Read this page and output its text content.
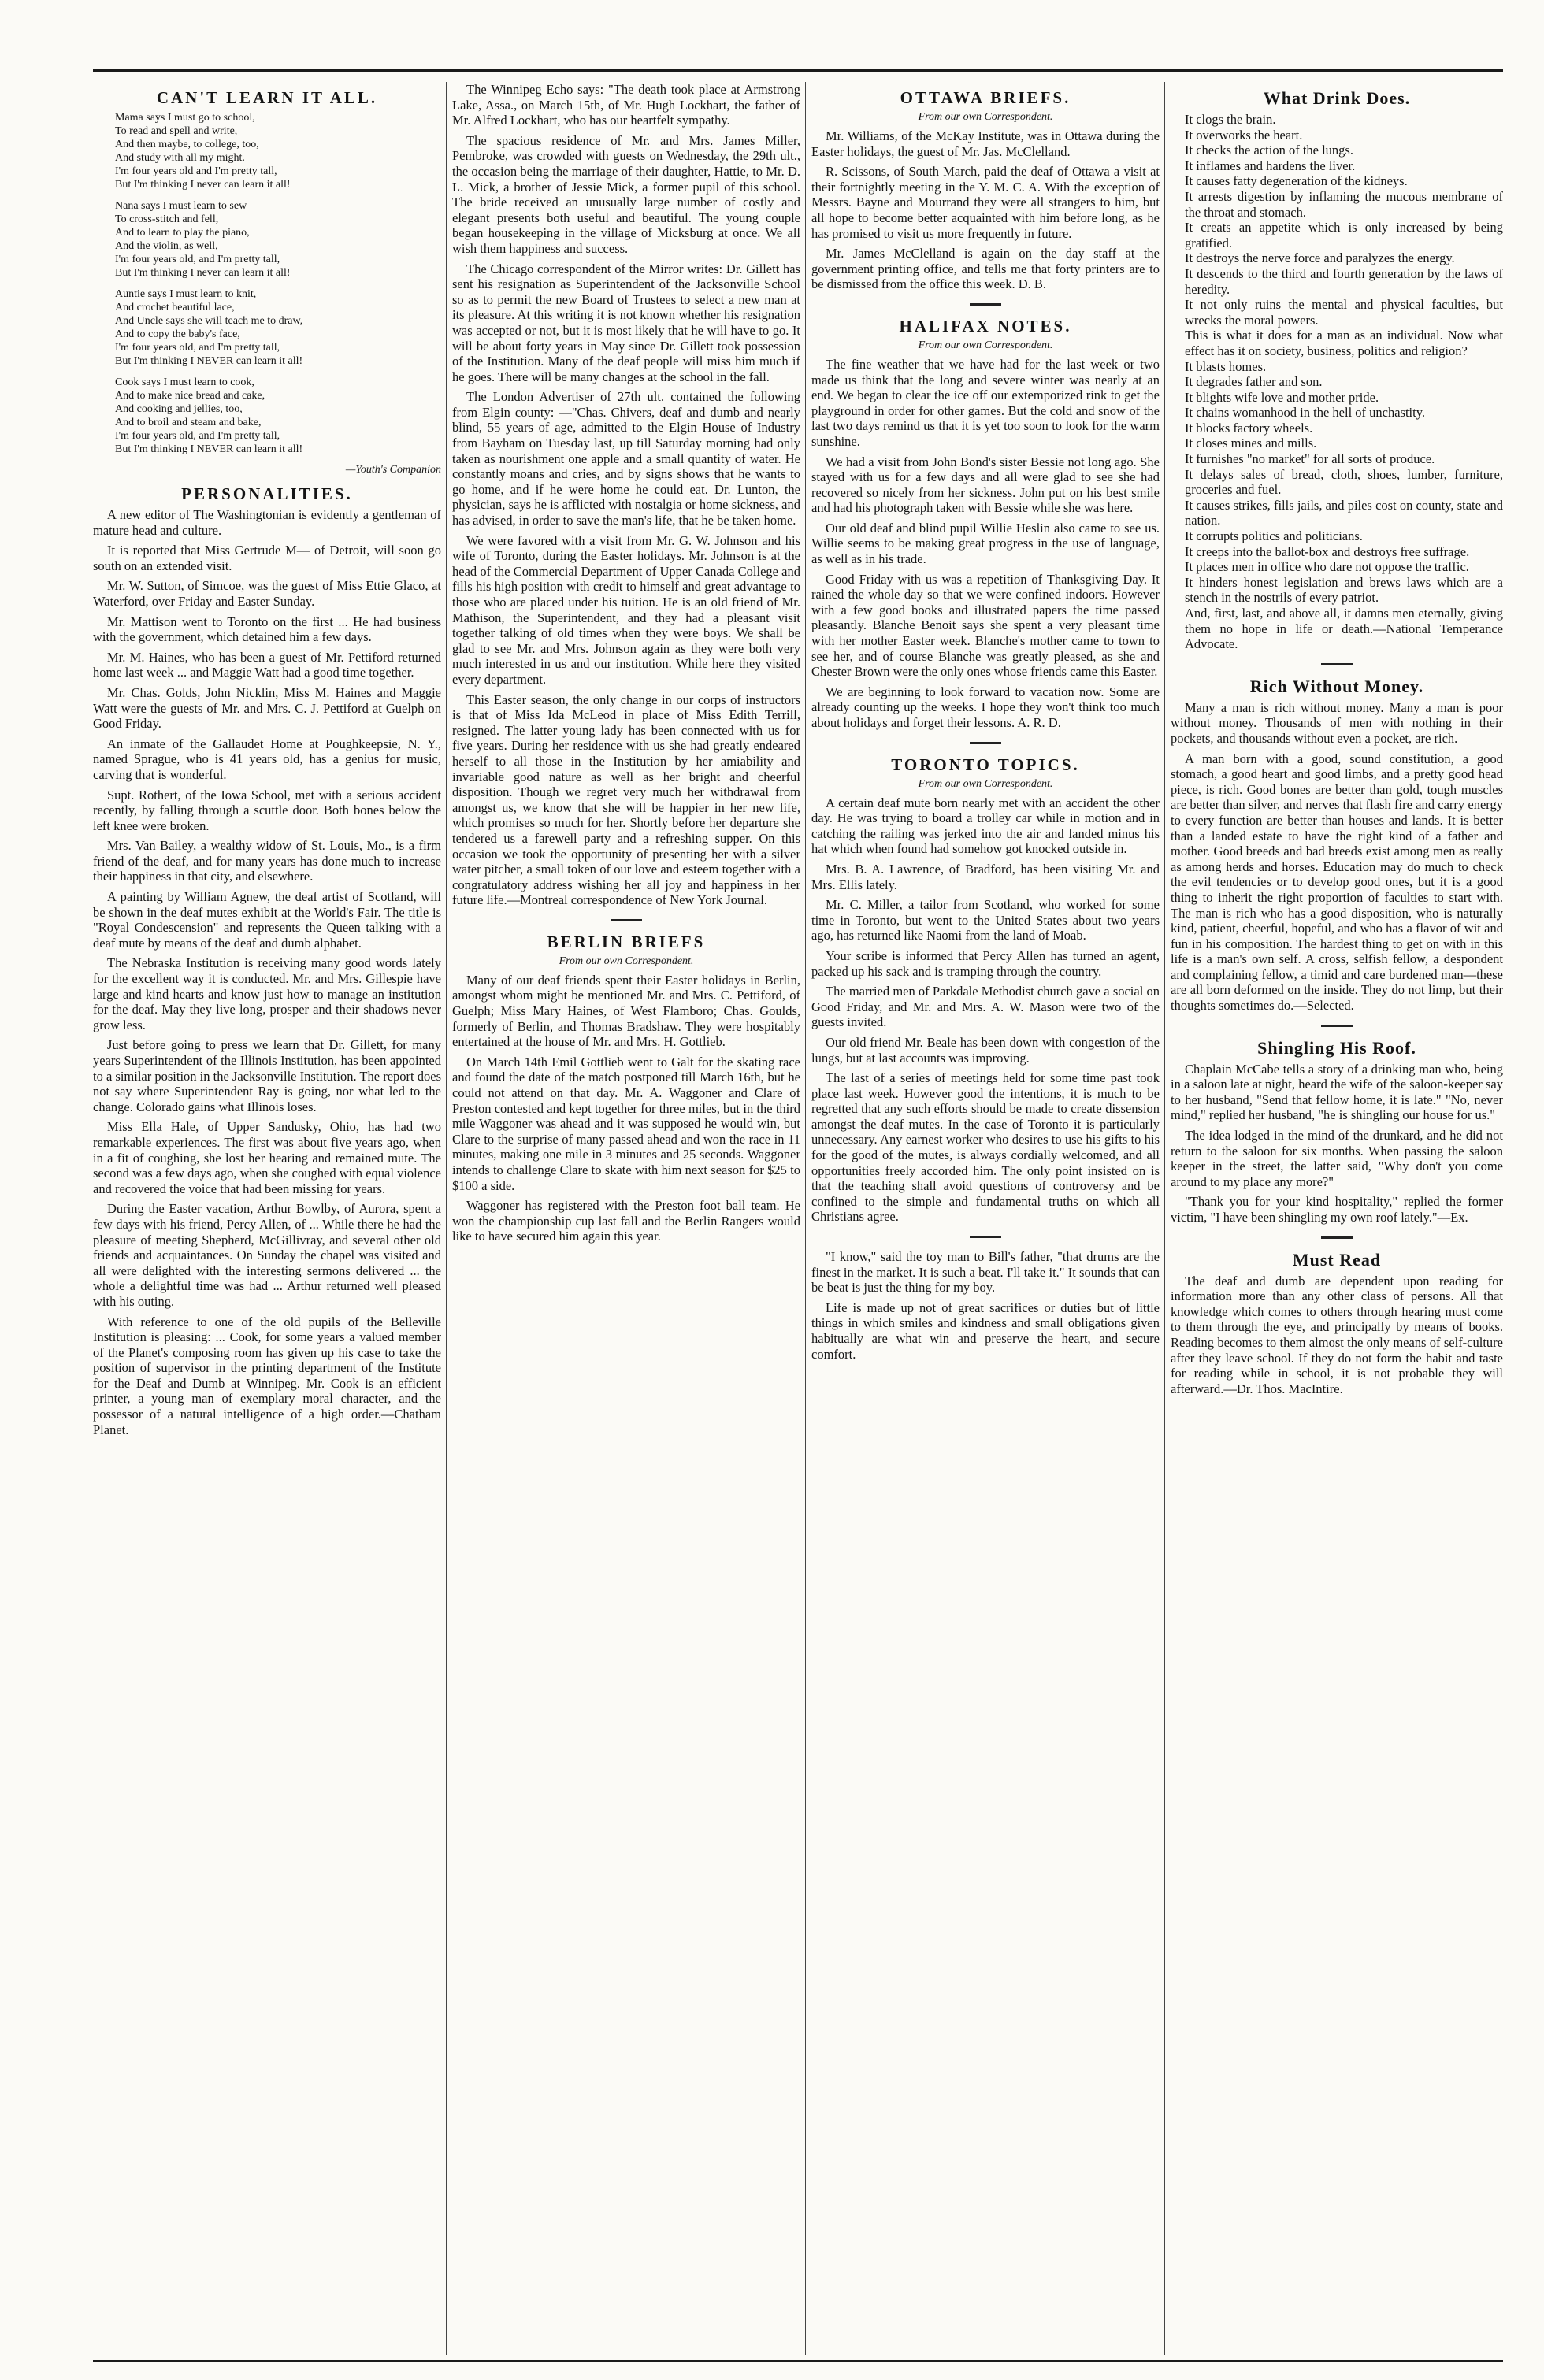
CAN'T LEARN IT ALL.

Mama says I must go to school,

To read and spell and write,

And then maybe, to college, too,

And study with all my might.

I'm four years old and I'm pretty tall,

But I'm thinking I never can learn it all!

Nana says I must learn to sew

To cross-stitch and fell,

And to learn to play the piano,

And the violin, as well,

I'm four years old, and I'm pretty tall,

But I'm thinking I never can learn it all!

Auntie says I must learn to knit,

And crochet beautiful lace,

And Uncle says she will teach me to draw,

And to copy the baby's face,

I'm four years old, and I'm pretty tall,

But I'm thinking I NEVER can learn it all!

Cook says I must learn to cook,

And to make nice bread and cake,

And cooking and jellies, too,

And to broil and steam and bake,

I'm four years old, and I'm pretty tall,

But I'm thinking I NEVER can learn it all!

—Youth's Companion
PERSONALITIES.

A new editor of The Washingtonian is evidently a gentleman of mature head and culture.

It is reported that Miss Gertrude M— of Detroit, will soon go south on an extended visit.

Mr. W. Sutton, of Simcoe, was the guest of Miss Ettie Glaco, at Waterford, over Friday and Easter Sunday.

Mr. Mattison went to Toronto on the first ... He had business with the government, which detained him a few days.

Mr. M. Haines, who has been a guest of Mr. Pettiford returned home last week ... and Maggie Watt had a good time together.

Mr. Chas. Golds, John Nicklin, Miss M. Haines and Maggie Watt were the guests of Mr. and Mrs. C. J. Pettiford at Guelph on Good Friday.

An inmate of the Gallaudet Home at Poughkeepsie, N. Y., named Sprague, who is 41 years old, has a genius for music, carving that is wonderful.

Supt. Rothert, of the Iowa School, met with a serious accident recently, by falling through a scuttle door. Both bones below the left knee were broken.

Mrs. Van Bailey, a wealthy widow of St. Louis, Mo., is a firm friend of the deaf, and for many years has done much to increase their happiness in that city, and elsewhere.

A painting by William Agnew, the deaf artist of Scotland, will be shown in the deaf mutes exhibit at the World's Fair. The title is "Royal Condescension" and represents the Queen talking with a deaf mute by means of the deaf and dumb alphabet.

The Nebraska Institution is receiving many good words lately for the excellent way it is conducted. Mr. and Mrs. Gillespie have large and kind hearts and know just how to manage an institution for the deaf. May they live long, prosper and their shadows never grow less.

Just before going to press we learn that Dr. Gillett, for many years Superintendent of the Illinois Institution, has been appointed to a similar position in the Jacksonville Institution. The report does not say where Superintendent Ray is going, nor what led to the change. Colorado gains what Illinois loses.

Miss Ella Hale, of Upper Sandusky, Ohio, has had two remarkable experiences. The first was about five years ago, when in a fit of coughing, she lost her hearing and remained mute. The second was a few days ago, when she coughed with equal violence and recovered the voice that had been missing for years.

During the Easter vacation, Arthur Bowlby, of Aurora, spent a few days with his friend, Percy Allen, of ... While there he had the pleasure of meeting Shepherd, McGillivray, and several other old friends and acquaintances. On Sunday the chapel was visited and all were delighted with the interesting sermons delivered ... the whole a delightful time was had ... Arthur returned well pleased with his outing.

With reference to one of the old pupils of the Belleville Institution is pleasing: ... Cook, for some years a valued member of the Planet's composing room has given up his case to take the position of supervisor in the printing department of the Institute for the Deaf and Dumb at Winnipeg. Mr. Cook is an efficient printer, a young man of exemplary moral character, and the possessor of a natural intelligence of a high order.—Chatham Planet.

The Winnipeg Echo says: "The death took place at Armstrong Lake, Assa., on March 15th, of Mr. Hugh Lockhart, the father of Mr. Alfred Lockhart, who has our heartfelt sympathy.

The spacious residence of Mr. and Mrs. James Miller, Pembroke, was crowded with guests on Wednesday, the 29th ult., the occasion being the marriage of their daughter, Hattie, to Mr. D. L. Mick, a brother of Jessie Mick, a former pupil of this school. The bride received an unusually large number of costly and elegant presents both useful and beautiful. The young couple began housekeeping in the village of Micksburg at once. We all wish them happiness and success.

The Chicago correspondent of the Mirror writes: Dr. Gillett has sent his resignation as Superintendent of the Jacksonville School so as to permit the new Board of Trustees to select a new man at its pleasure. At this writing it is not known whether his resignation was accepted or not, but it is most likely that he will have to go. It will be about forty years in May since Dr. Gillett took possession of the Institution. Many of the deaf people will miss him much if he goes. There will be many changes at the school in the fall.

The London Advertiser of 27th ult. contained the following from Elgin county: —"Chas. Chivers, deaf and dumb and nearly blind, 55 years of age, admitted to the Elgin House of Industry from Bayham on Tuesday last, up till Saturday morning had only taken as nourishment one apple and a small quantity of water. He constantly moans and cries, and by signs shows that he wants to go home, and if he were home he could eat. Dr. Lunton, the physician, says he is afflicted with nostalgia or home sickness, and has advised, in order to save the man's life, that he be taken home.

We were favored with a visit from Mr. G. W. Johnson and his wife of Toronto, during the Easter holidays. Mr. Johnson is at the head of the Commercial Department of Upper Canada College and fills his high position with credit to himself and great advantage to those who are placed under his tuition. He is an old friend of Mr. Mathison, the Superintendent, and they had a pleasant visit together talking of old times when they were boys. We shall be glad to see Mr. and Mrs. Johnson again as they were both very much interested in us and our institution. While here they visited every department.

This Easter season, the only change in our corps of instructors is that of Miss Ida McLeod in place of Miss Edith Terrill, resigned. The latter young lady has been connected with us for five years. During her residence with us she had greatly endeared herself to all those in the Institution by her amiability and invariable good nature as well as her bright and cheerful disposition. Though we regret very much her withdrawal from amongst us, we know that she will be happier in her new life, which promises so much for her. Shortly before her departure she tendered us a farewell party and a refreshing supper. On this occasion we took the opportunity of presenting her with a silver water pitcher, a small token of our love and esteem together with a congratulatory address wishing her all joy and happiness in her future life.—Montreal correspondence of New York Journal.

BERLIN BRIEFS
From our own Correspondent.

Many of our deaf friends spent their Easter holidays in Berlin, amongst whom might be mentioned Mr. and Mrs. C. Pettiford, of Guelph; Miss Mary Haines, of West Flamboro; Chas. Goulds, formerly of Berlin, and Thomas Bradshaw. They were hospitably entertained at the house of Mr. and Mrs. H. Gottlieb.

On March 14th Emil Gottlieb went to Galt for the skating race and found the date of the match postponed till March 16th, but he could not attend on that day. Mr. A. Waggoner and Clare of Preston contested and kept together for three miles, but in the third mile Waggoner was ahead and it was supposed he would win, but Clare to the surprise of many passed ahead and won the race in 11 minutes, making one mile in 3 minutes and 25 seconds. Waggoner intends to challenge Clare to skate with him next season for $25 to $100 a side.

Waggoner has registered with the Preston foot ball team. He won the championship cup last fall and the Berlin Rangers would like to have secured him again this year.

OTTAWA BRIEFS.
From our own Correspondent.

Mr. Williams, of the McKay Institute, was in Ottawa during the Easter holidays, the guest of Mr. Jas. McClelland.

R. Scissons, of South March, paid the deaf of Ottawa a visit at their fortnightly meeting in the Y. M. C. A. With the exception of Messrs. Bayne and Mourrand they were all strangers to him, but all hope to become better acquainted with him before long, as he has promised to visit us more frequently in future.

Mr. James McClelland is again on the day staff at the government printing office, and tells me that forty printers are to be dismissed from the office this week. D. B.

HALIFAX NOTES.
From our own Correspondent.

The fine weather that we have had for the last week or two made us think that the long and severe winter was nearly at an end. We began to clear the ice off our extemporized rink to get the playground in order for other games. But the cold and snow of the last two days remind us that it is yet too soon to look for the warm sunshine.

We had a visit from John Bond's sister Bessie not long ago. She stayed with us for a few days and all were glad to see she had recovered so nicely from her sickness. John put on his best smile and had his photograph taken with Bessie while she was here.

Our old deaf and blind pupil Willie Heslin also came to see us. Willie seems to be making great progress in the use of language, as well as in his trade.

Good Friday with us was a repetition of Thanksgiving Day. It rained the whole day so that we were confined indoors. However with a few good books and illustrated papers the time passed pleasantly. Blanche Benoit says she spent a very pleasant time with her mother Easter week. Blanche's mother came to town to see her, and of course Blanche was greatly pleased, as she and Chester Brown were the only ones whose friends came this Easter.

We are beginning to look forward to vacation now. Some are already counting up the weeks. I hope they won't think too much about holidays and forget their lessons. A. R. D.

TORONTO TOPICS.
From our own Correspondent.

A certain deaf mute born nearly met with an accident the other day. He was trying to board a trolley car while in motion and in catching the railing was jerked into the air and landed minus his hat which when found had somehow got knocked outside in.

Mrs. B. A. Lawrence, of Bradford, has been visiting Mr. and Mrs. Ellis lately.

Mr. C. Miller, a tailor from Scotland, who worked for some time in Toronto, but went to the United States about two years ago, has returned like Naomi from the land of Moab.

Your scribe is informed that Percy Allen has turned an agent, packed up his sack and is tramping through the country.

The married men of Parkdale Methodist church gave a social on Good Friday, and Mr. and Mrs. A. W. Mason were two of the guests invited.

Our old friend Mr. Beale has been down with congestion of the lungs, but at last accounts was improving.

The last of a series of meetings held for some time past took place last week. However good the intentions, it is much to be regretted that any such efforts should be made to create dissension amongst the deaf mutes. In the case of Toronto it is particularly unnecessary. Any earnest worker who desires to use his gifts to his for the good of the mutes, is always cordially welcomed, and all opportunities freely accorded him. The only point insisted on is that the teaching shall avoid questions of controversy and be confined to the simple and fundamental truths on which all Christians agree.

"I know," said the toy man to Bill's father, "that drums are the finest in the market. It is such a beat. I'll take it." It sounds that can be beat is just the thing for my boy.

Life is made up not of great sacrifices or duties but of little things in which smiles and kindness and small obligations given habitually are what win and preserve the heart, and secure comfort.

What Drink Does.

It clogs the brain.

It overworks the heart.

It checks the action of the lungs.

It inflames and hardens the liver.

It causes fatty degeneration of the kidneys.

It arrests digestion by inflaming the mucous membrane of the throat and stomach.

It creats an appetite which is only increased by being gratified.

It destroys the nerve force and paralyzes the energy.

It descends to the third and fourth generation by the laws of heredity.

It not only ruins the mental and physical faculties, but wrecks the moral powers.

This is what it does for a man as an individual. Now what effect has it on society, business, politics and religion?

It blasts homes.

It degrades father and son.

It blights wife love and mother pride.

It chains womanhood in the hell of unchastity.

It blocks factory wheels.

It closes mines and mills.

It furnishes "no market" for all sorts of produce.

It delays sales of bread, cloth, shoes, lumber, furniture, groceries and fuel.

It causes strikes, fills jails, and piles cost on county, state and nation.

It corrupts politics and politicians.

It creeps into the ballot-box and destroys free suffrage.

It places men in office who dare not oppose the traffic.

It hinders honest legislation and brews laws which are a stench in the nostrils of every patriot.

And, first, last, and above all, it damns men eternally, giving them no hope in life or death.—National Temperance Advocate.

Rich Without Money.

Many a man is rich without money. Many a man is poor without money. Thousands of men with nothing in their pockets, and thousands without even a pocket, are rich.

A man born with a good, sound constitution, a good stomach, a good heart and good limbs, and a pretty good head piece, is rich. Good bones are better than gold, tough muscles are better than silver, and nerves that flash fire and carry energy to every function are better than houses and lands. It is better than a landed estate to have the right kind of a father and mother. Good breeds and bad breeds exist among men as really as among herds and horses. Education may do much to check the evil tendencies or to develop good ones, but it is a good thing to inherit the right proportion of faculties to start with. The man is rich who has a good disposition, who is naturally kind, patient, cheerful, hopeful, and who has a flavor of wit and fun in his composition. The hardest thing to get on with in this life is a man's own self. A cross, selfish fellow, a despondent and complaining fellow, a timid and care burdened man—these are all born deformed on the inside. They do not limp, but their thoughts sometimes do.—Selected.

Shingling His Roof.

Chaplain McCabe tells a story of a drinking man who, being in a saloon late at night, heard the wife of the saloon-keeper say to her husband, "Send that fellow home, it is late." "No, never mind," replied her husband, "he is shingling our house for us."

The idea lodged in the mind of the drunkard, and he did not return to the saloon for six months. When passing the saloon keeper in the street, the latter said, "Why don't you come around to my place any more?"

"Thank you for your kind hospitality," replied the former victim, "I have been shingling my own roof lately."—Ex.

Must Read

The deaf and dumb are dependent upon reading for information more than any other class of persons. All that knowledge which comes to others through hearing must come to them through the eye, and principally by means of books. Reading becomes to them almost the only means of self-culture after they leave school. If they do not form the habit and taste for reading while in school, it is not probable they will afterward.—Dr. Thos. MacIntire.
